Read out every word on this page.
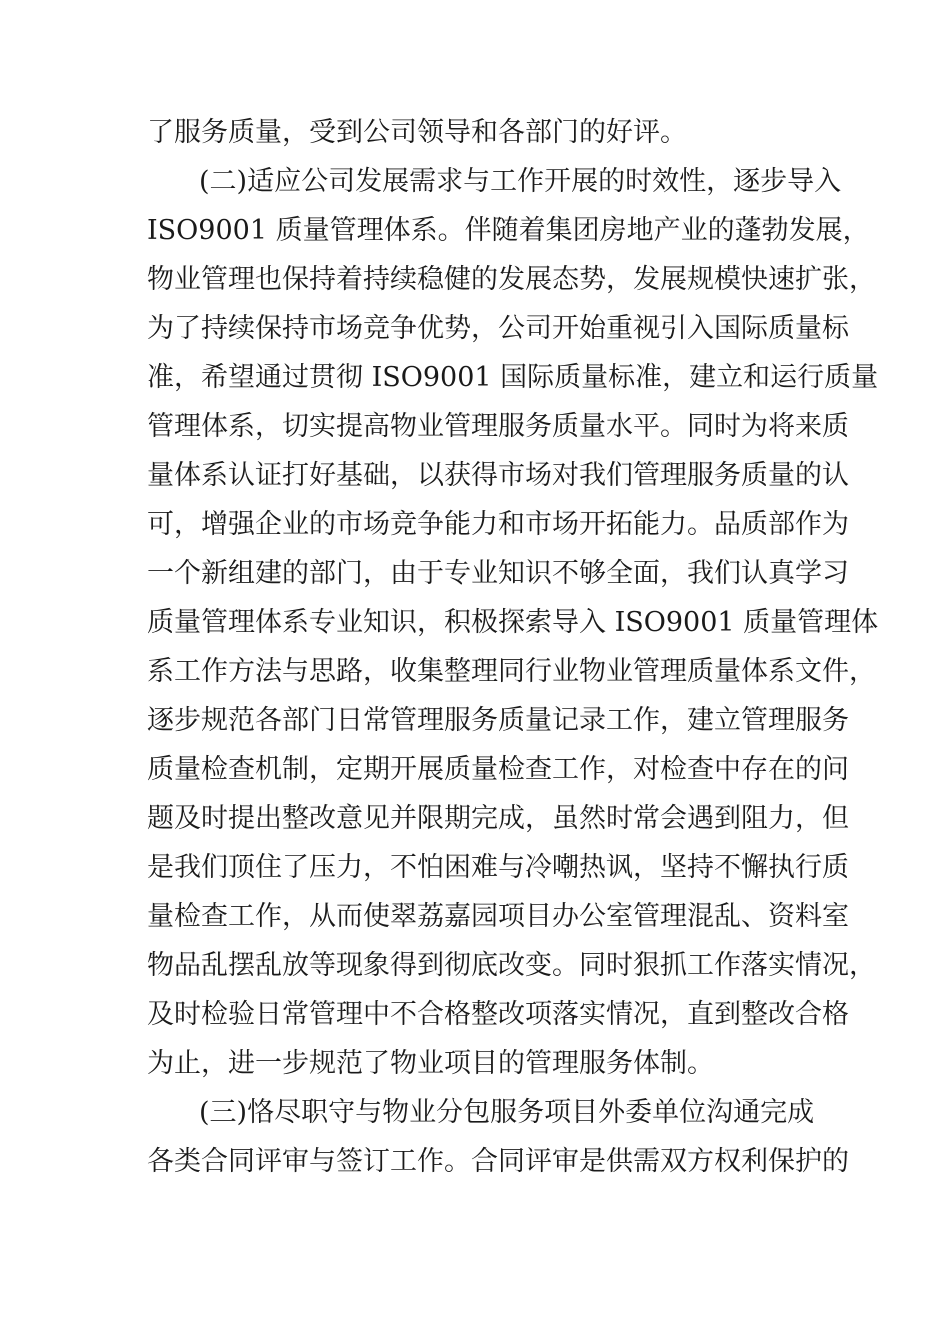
了服务质量，受到公司领导和各部门的好评。
(二)适应公司发展需求与工作开展的时效性，逐步导入
ISO9001 质量管理体系。伴随着集团房地产业的蓬勃发展，
物业管理也保持着持续稳健的发展态势，发展规模快速扩张，
为了持续保持市场竞争优势，公司开始重视引入国际质量标
准，希望通过贯彻 ISO9001 国际质量标准，建立和运行质量
管理体系，切实提高物业管理服务质量水平。同时为将来质
量体系认证打好基础，以获得市场对我们管理服务质量的认
可，增强企业的市场竞争能力和市场开拓能力。品质部作为
一个新组建的部门，由于专业知识不够全面，我们认真学习
质量管理体系专业知识，积极探索导入 ISO9001 质量管理体
系工作方法与思路，收集整理同行业物业管理质量体系文件，
逐步规范各部门日常管理服务质量记录工作，建立管理服务
质量检查机制，定期开展质量检查工作，对检查中存在的问
题及时提出整改意见并限期完成，虽然时常会遇到阻力，但
是我们顶住了压力，不怕困难与冷嘲热讽，坚持不懈执行质
量检查工作，从而使翠荔嘉园项目办公室管理混乱、资料室
物品乱摆乱放等现象得到彻底改变。同时狠抓工作落实情况，
及时检验日常管理中不合格整改项落实情况，直到整改合格
为止，进一步规范了物业项目的管理服务体制。
(三)恪尽职守与物业分包服务项目外委单位沟通完成
各类合同评审与签订工作。合同评审是供需双方权利保护的
